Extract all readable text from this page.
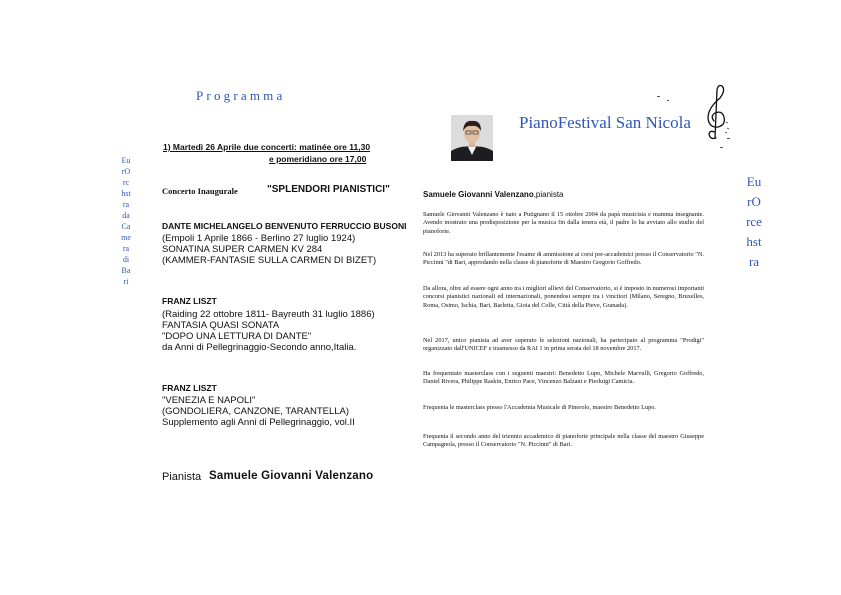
Programma
EurOrchstra da Camera di Bari
1) Martedì 26 Aprile due concerti: matinée ore 11,30
e pomeridiano ore 17,00
Concerto Inaugurale	"SPLENDORI PIANISTICI"
DANTE MICHELANGELO BENVENUTO FERRUCCIO BUSONI
(Empoli 1 Aprile 1866 - Berlino 27 luglio 1924)
SONATINA SUPER CARMEN KV 284
(KAMMER-FANTASIE SULLA CARMEN DI BIZET)
FRANZ LISZT
(Raiding 22 ottobre 1811- Bayreuth 31 luglio 1886)
FANTASIA QUASI SONATA
"DOPO UNA LETTURA DI DANTE"
da Anni di Pellegrinaggio-Secondo anno,Italia.
FRANZ LISZT
"VENEZIA E NAPOLI"
(GONDOLIERA, CANZONE, TARANTELLA)
Supplemento agli Anni di Pellegrinaggio, vol.II
Pianista Samuele Giovanni Valenzano
PianoFestival San Nicola
EurOrcehstra
Samuele Giovanni Valenzano,pianista
Samuele Giovanni Valenzano è nato a Putignano il 15 ottobre 2004 da papà musicista e mamma insegnante. Avendo mostrato una predisposizione per la musica fin dalla tenera età, il padre lo ha avviato allo studio del pianoforte.
Nel 2013 ha superato brillantemente l'esame di ammissione ai corsi pre-accademici presso il Conservatorio "N. Piccinni "di Bari, approdando nella classe di pianoforte di Maestro Gregorio Goffredo.
Da allora, oltre ad essere ogni anno tra i migliori allievi del Conservatorio, si è imposto in numerosi importanti concorsi pianistici nazionali ed internazionali, ponendosi sempre tra i vincitori (Milano, Seregno, Bruxelles, Roma, Osimo, Ischia, Bari, Barletta, Gioia del Colle, Città della Pieve, Granada).
Nel 2017, unico pianista ad aver superato le selezioni nazionali, ha partecipato al programma "Prodigi" organizzato dall'UNICEF e trasmesso da RAI 1 in prima serata del 18 novembre 2017.
Ha frequentato masterclass con i seguenti maestri: Benedetto Lupo, Michele Marvulli, Gregorio Goffredo, Daniel Rivera, Philippe Raskin, Enrico Pace, Vincenzo Balzani e Pierluigi Camicia.
Frequenta le masterclass presso l'Accademia Musicale di Pinerolo, maestro Benedetto Lupo.
Frequenta il secondo anno del triennio accademico di pianoforte principale nella classe del maestro Giuseppe Campagnola, presso il Conservatorio "N. Piccinni" di Bari.
